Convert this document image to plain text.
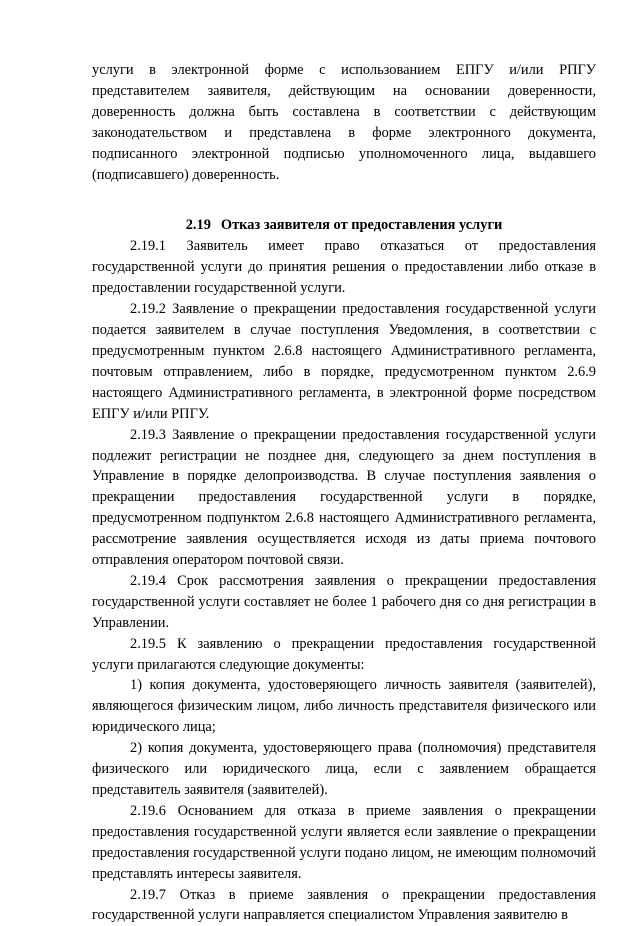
услуги в электронной форме с использованием ЕПГУ и/или РПГУ представителем заявителя, действующим на основании доверенности, доверенность должна быть составлена в соответствии с действующим законодательством и представлена в форме электронного документа, подписанного электронной подписью уполномоченного лица, выдавшего (подписавшего) доверенность.

2.19 Отказ заявителя от предоставления услуги

2.19.1 Заявитель имеет право отказаться от предоставления государственной услуги до принятия решения о предоставлении либо отказе в предоставлении государственной услуги.

2.19.2 Заявление о прекращении предоставления государственной услуги подается заявителем в случае поступления Уведомления, в соответствии с предусмотренным пунктом 2.6.8 настоящего Административного регламента, почтовым отправлением, либо в порядке, предусмотренном пунктом 2.6.9 настоящего Административного регламента, в электронной форме посредством ЕПГУ и/или РПГУ.

2.19.3 Заявление о прекращении предоставления государственной услуги подлежит регистрации не позднее дня, следующего за днем поступления в Управление в порядке делопроизводства. В случае поступления заявления о прекращении предоставления государственной услуги в порядке, предусмотренном подпунктом 2.6.8 настоящего Административного регламента, рассмотрение заявления осуществляется исходя из даты приема почтового отправления оператором почтовой связи.

2.19.4 Срок рассмотрения заявления о прекращении предоставления государственной услуги составляет не более 1 рабочего дня со дня регистрации в Управлении.

2.19.5 К заявлению о прекращении предоставления государственной услуги прилагаются следующие документы:

1) копия документа, удостоверяющего личность заявителя (заявителей), являющегося физическим лицом, либо личность представителя физического или юридического лица;

2) копия документа, удостоверяющего права (полномочия) представителя физического или юридического лица, если с заявлением обращается представитель заявителя (заявителей).

2.19.6 Основанием для отказа в приеме заявления о прекращении предоставления государственной услуги является если заявление о прекращении предоставления государственной услуги подано лицом, не имеющим полномочий представлять интересы заявителя.

2.19.7 Отказ в приеме заявления о прекращении предоставления государственной услуги направляется специалистом Управления заявителю в
